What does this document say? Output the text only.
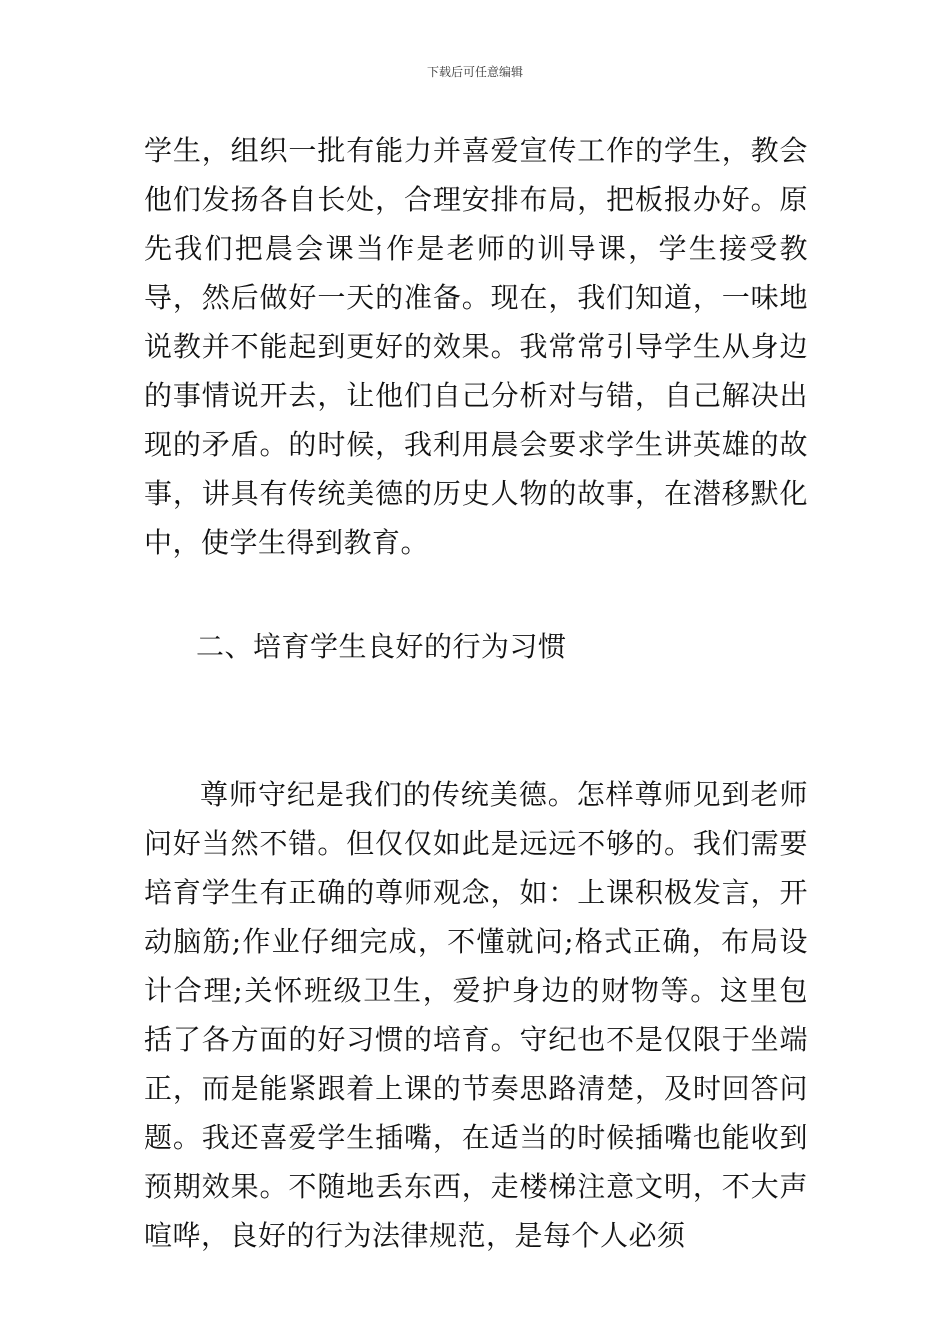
下载后可任意编辑

学生，组织一批有能力并喜爱宣传工作的学生，教会他们发扬各自长处，合理安排布局，把板报办好。原先我们把晨会课当作是老师的训导课，学生接受教导，然后做好一天的准备。现在，我们知道，一味地说教并不能起到更好的效果。我常常引导学生从身边的事情说开去，让他们自己分析对与错，自己解决出现的矛盾。的时候，我利用晨会要求学生讲英雄的故事，讲具有传统美德的历史人物的故事，在潜移默化中，使学生得到教育。

二、培育学生良好的行为习惯

尊师守纪是我们的传统美德。怎样尊师见到老师问好当然不错。但仅仅如此是远远不够的。我们需要培育学生有正确的尊师观念，如：上课积极发言，开动脑筋;作业仔细完成，不懂就问;格式正确，布局设计合理;关怀班级卫生，爱护身边的财物等。这里包括了各方面的好习惯的培育。守纪也不是仅限于坐端正，而是能紧跟着上课的节奏思路清楚，及时回答问题。我还喜爱学生插嘴，在适当的时候插嘴也能收到预期效果。不随地丢东西，走楼梯注意文明，不大声喧哗，良好的行为法律规范，是每个人必须
